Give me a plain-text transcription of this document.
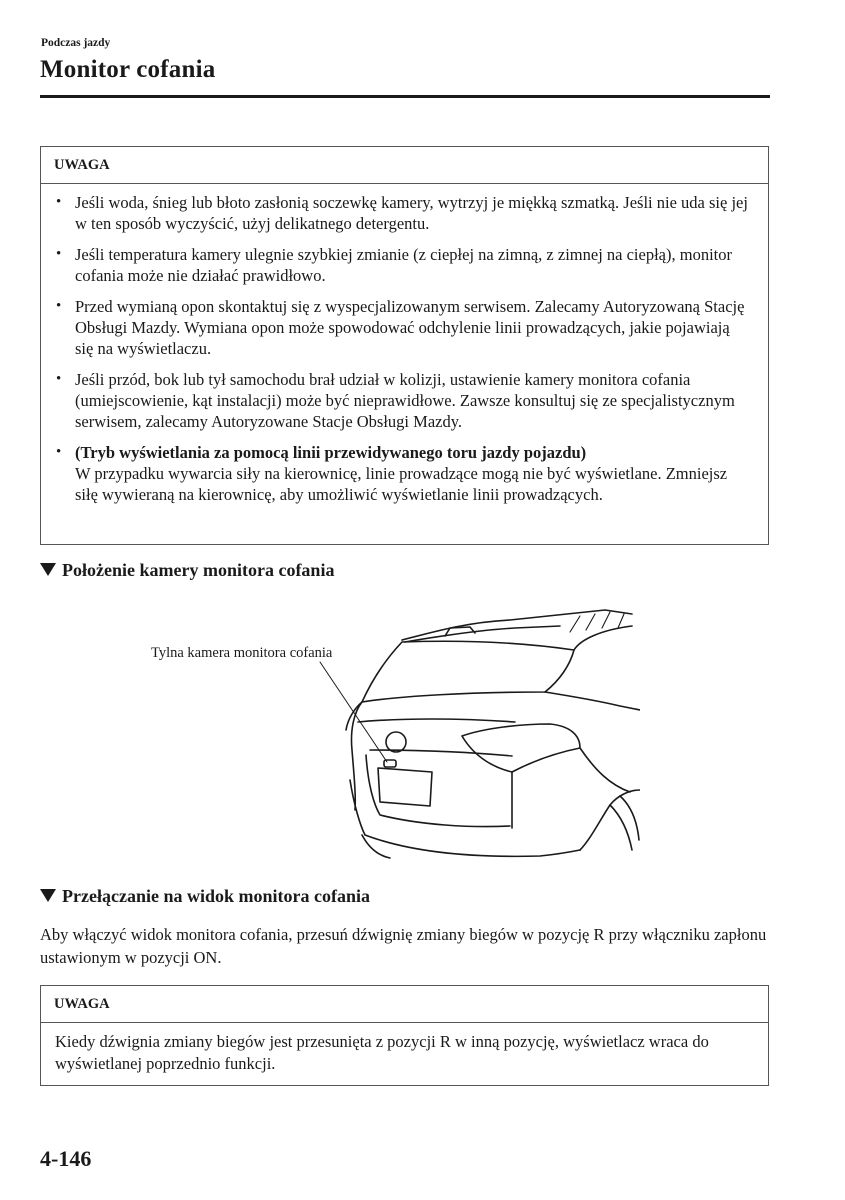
Podczas jazdy
Monitor cofania
UWAGA
• Jeśli woda, śnieg lub błoto zasłonią soczewkę kamery, wytrzyj je miękką szmatką. Jeśli nie uda się jej w ten sposób wyczyścić, użyj delikatnego detergentu.
• Jeśli temperatura kamery ulegnie szybkiej zmianie (z ciepłej na zimną, z zimnej na ciepłą), monitor cofania może nie działać prawidłowo.
• Przed wymianą opon skontaktuj się z wyspecjalizowanym serwisem. Zalecamy Autoryzowaną Stację Obsługi Mazdy. Wymiana opon może spowodować odchylenie linii prowadzących, jakie pojawiają się na wyświetlaczu.
• Jeśli przód, bok lub tył samochodu brał udział w kolizji, ustawienie kamery monitora cofania (umiejscowienie, kąt instalacji) może być nieprawidłowe. Zawsze konsultuj się ze specjalistycznym serwisem, zalecamy Autoryzowane Stacje Obsługi Mazdy.
• (Tryb wyświetlania za pomocą linii przewidywanego toru jazdy pojazdu)
W przypadku wywarcia siły na kierownicę, linie prowadzące mogą nie być wyświetlane. Zmniejsz siłę wywieraną na kierownicę, aby umożliwić wyświetlanie linii prowadzących.
Położenie kamery monitora cofania
Tylna kamera monitora cofania
Przełączanie na widok monitora cofania
Aby włączyć widok monitora cofania, przesuń dźwignię zmiany biegów w pozycję R przy włączniku zapłonu ustawionym w pozycji ON.
UWAGA
Kiedy dźwignia zmiany biegów jest przesunięta z pozycji R w inną pozycję, wyświetlacz wraca do wyświetlanej poprzednio funkcji.
4-146
